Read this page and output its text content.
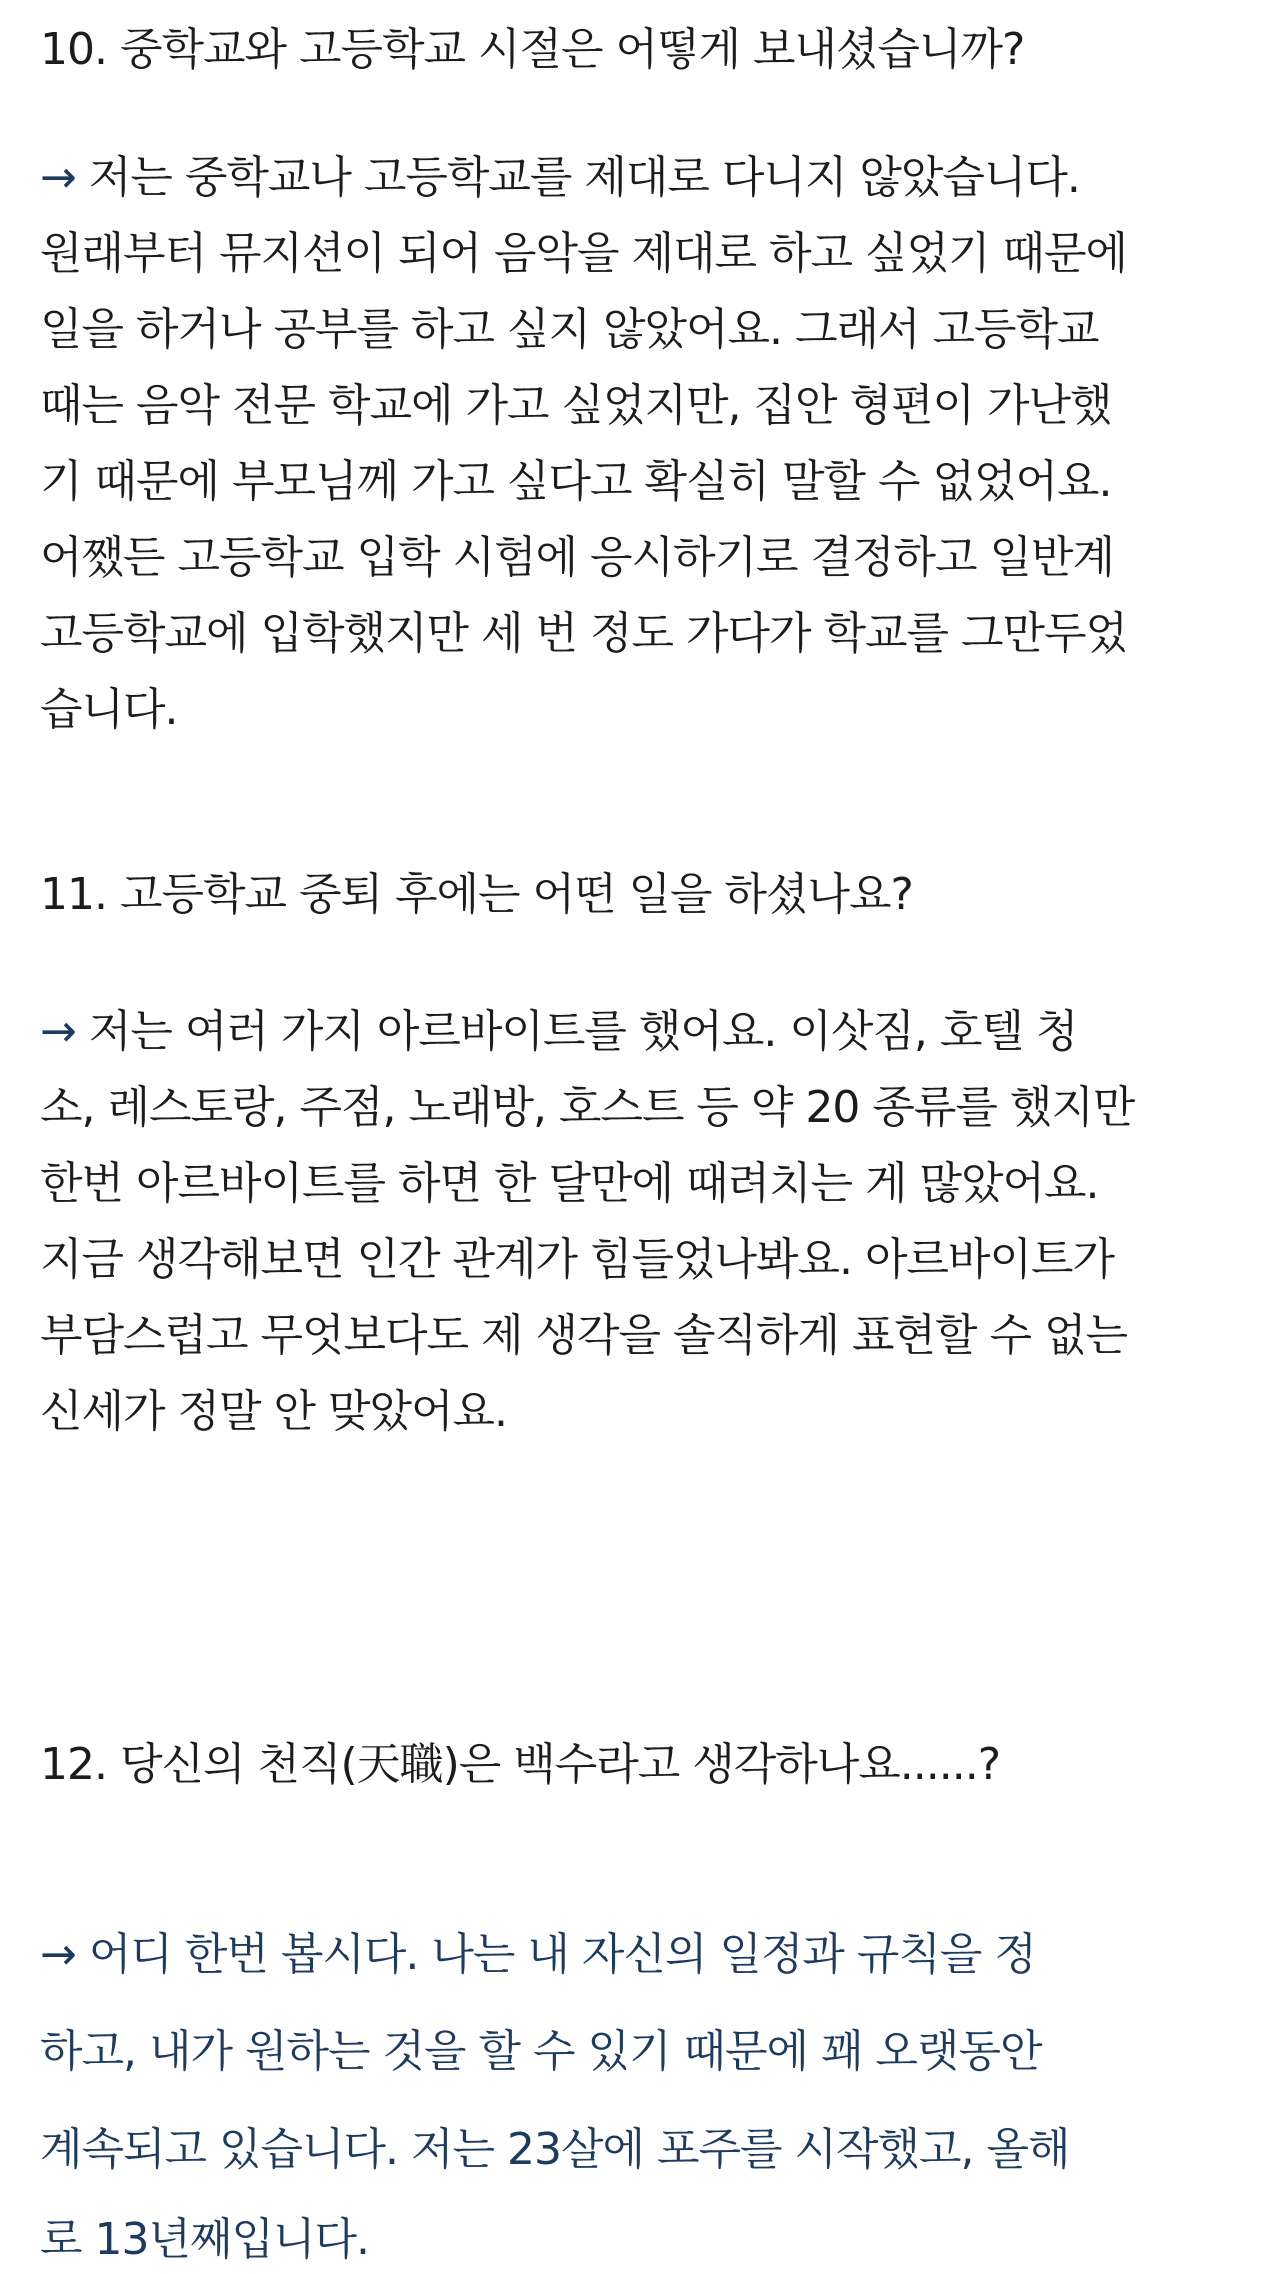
10. 중학교와 고등학교 시절은 어떻게 보내셨습니까?
→ 저는 중학교나 고등학교를 제대로 다니지 않았습니다.
원래부터 뮤지션이 되어 음악을 제대로 하고 싶었기 때문에
일을 하거나 공부를 하고 싶지 않았어요. 그래서 고등학교
때는 음악 전문 학교에 가고 싶었지만, 집안 형편이 가난했
기 때문에 부모님께 가고 싶다고 확실히 말할 수 없었어요.
어쨌든 고등학교 입학 시험에 응시하기로 결정하고 일반계
고등학교에 입학했지만 세 번 정도 가다가 학교를 그만두었
습니다.
11. 고등학교 중퇴 후에는 어떤 일을 하셨나요?
→ 저는 여러 가지 아르바이트를 했어요. 이삿짐, 호텔 청
소, 레스토랑, 주점, 노래방, 호스트 등 약 20 종류를 했지만
한번 아르바이트를 하면 한 달만에 때려치는 게 많았어요.
지금 생각해보면 인간 관계가 힘들었나봐요. 아르바이트가
부담스럽고 무엇보다도 제 생각을 솔직하게 표현할 수 없는
신세가 정말 안 맞았어요.
12. 당신의 천직(天職)은 백수라고 생각하나요......?
→ 어디 한번 봅시다. 나는 내 자신의 일정과 규칙을 정
하고, 내가 원하는 것을 할 수 있기 때문에 꽤 오랫동안
계속되고 있습니다. 저는 23살에 포주를 시작했고, 올해
로 13년째입니다.
